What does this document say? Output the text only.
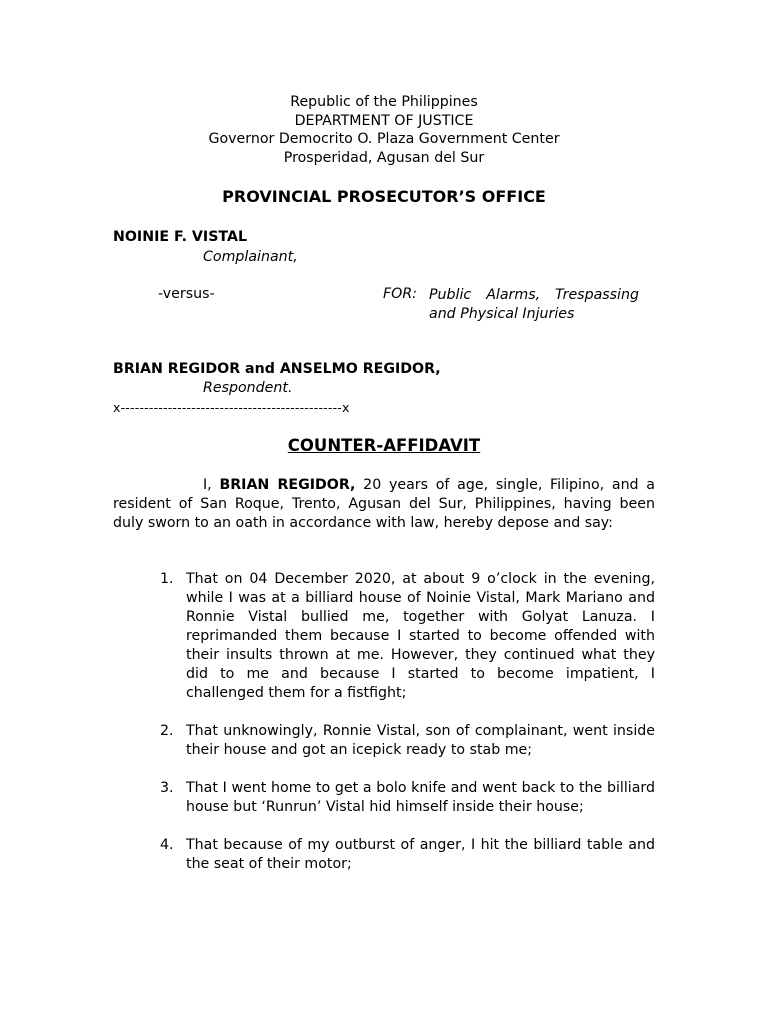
Republic of the Philippines
DEPARTMENT OF JUSTICE
Governor Democrito O. Plaza Government Center
Prosperidad, Agusan del Sur
PROVINCIAL PROSECUTOR’S OFFICE
NOINIE F. VISTAL
Complainant,
-versus-	FOR: Public Alarms, Trespassing and Physical Injuries
BRIAN REGIDOR and ANSELMO REGIDOR,
Respondent.
x-----------------------------------------------x
COUNTER-AFFIDAVIT

I, BRIAN REGIDOR, 20 years of age, single, Filipino, and a resident of San Roque, Trento, Agusan del Sur, Philippines, having been duly sworn to an oath in accordance with law, hereby depose and say:

1. That on 04 December 2020, at about 9 o’clock in the evening, while I was at a billiard house of Noinie Vistal, Mark Mariano and Ronnie Vistal bullied me, together with Golyat Lanuza. I reprimanded them because I started to become offended with their insults thrown at me. However, they continued what they did to me and because I started to become impatient, I challenged them for a fistfight;
2. That unknowingly, Ronnie Vistal, son of complainant, went inside their house and got an icepick ready to stab me;
3. That I went home to get a bolo knife and went back to the billiard house but ‘Runrun’ Vistal hid himself inside their house;
4. That because of my outburst of anger, I hit the billiard table and the seat of their motor;
